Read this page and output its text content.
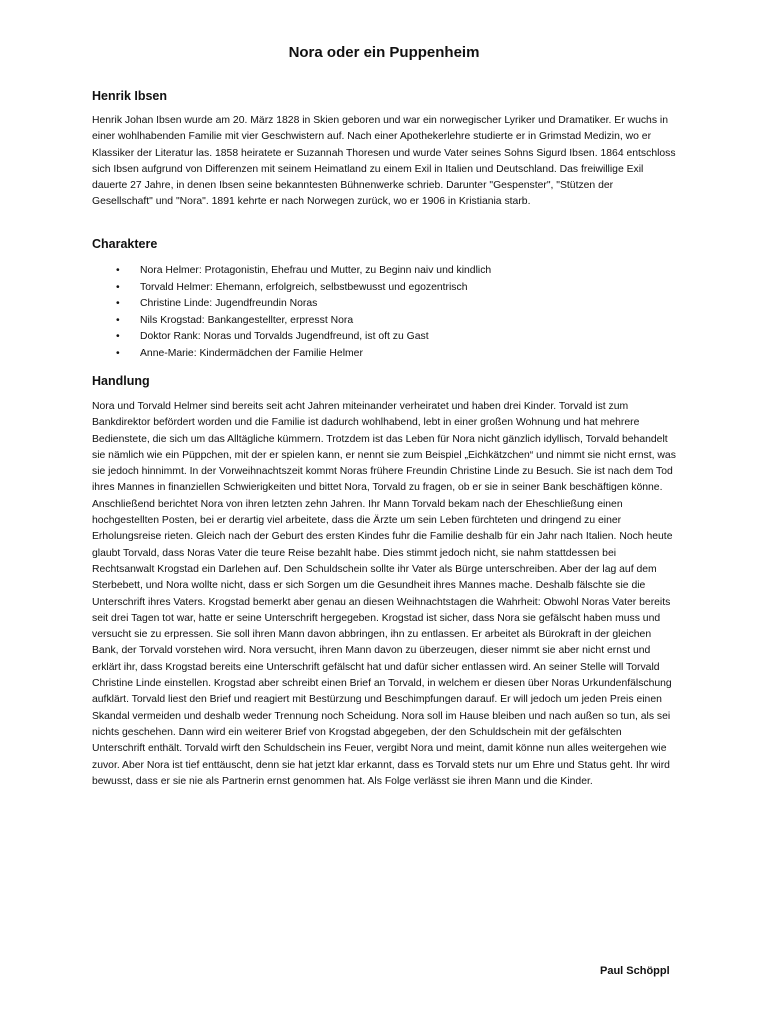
Nora oder ein Puppenheim
Henrik Ibsen

Henrik Johan Ibsen wurde am 20. März 1828 in Skien geboren und war ein norwegischer Lyriker und Dramatiker. Er wuchs in einer wohlhabenden Familie mit vier Geschwistern auf. Nach einer Apothekerlehre studierte er in Grimstad Medizin, wo er Klassiker der Literatur las. 1858 heiratete er Suzannah Thoresen und wurde Vater seines Sohns Sigurd Ibsen. 1864 entschloss sich Ibsen aufgrund von Differenzen mit seinem Heimatland zu einem Exil in Italien und Deutschland. Das freiwillige Exil dauerte 27 Jahre, in denen Ibsen seine bekanntesten Bühnenwerke schrieb. Darunter "Gespenster", "Stützen der Gesellschaft" und "Nora". 1891 kehrte er nach Norwegen zurück, wo er 1906 in Kristiania starb.

Charaktere
• Nora Helmer: Protagonistin, Ehefrau und Mutter, zu Beginn naiv und kindlich
• Torvald Helmer: Ehemann, erfolgreich, selbstbewusst und egozentrisch
• Christine Linde: Jugendfreundin Noras
• Nils Krogstad: Bankangestellter, erpresst Nora
• Doktor Rank: Noras und Torvalds Jugendfreund, ist oft zu Gast
• Anne-Marie: Kindermädchen der Familie Helmer
Handlung

Nora und Torvald Helmer sind bereits seit acht Jahren miteinander verheiratet und haben drei Kinder. Torvald ist zum Bankdirektor befördert worden und die Familie ist dadurch wohlhabend, lebt in einer großen Wohnung und hat mehrere Bedienstete, die sich um das Alltägliche kümmern. Trotzdem ist das Leben für Nora nicht gänzlich idyllisch, Torvald behandelt sie nämlich wie ein Püppchen, mit der er spielen kann, er nennt sie zum Beispiel „Eichkätzchen“ und nimmt sie nicht ernst, was sie jedoch hinnimmt. In der Vorweihnachtszeit kommt Noras frühere Freundin Christine Linde zu Besuch. Sie ist nach dem Tod ihres Mannes in finanziellen Schwierigkeiten und bittet Nora, Torvald zu fragen, ob er sie in seiner Bank beschäftigen könne. Anschließend berichtet Nora von ihren letzten zehn Jahren. Ihr Mann Torvald bekam nach der Eheschließung einen hochgestellten Posten, bei er derartig viel arbeitete, dass die Ärzte um sein Leben fürchteten und dringend zu einer Erholungsreise rieten. Gleich nach der Geburt des ersten Kindes fuhr die Familie deshalb für ein Jahr nach Italien. Noch heute glaubt Torvald, dass Noras Vater die teure Reise bezahlt habe. Dies stimmt jedoch nicht, sie nahm stattdessen bei Rechtsanwalt Krogstad ein Darlehen auf. Den Schuldschein sollte ihr Vater als Bürge unterschreiben. Aber der lag auf dem Sterbebett, und Nora wollte nicht, dass er sich Sorgen um die Gesundheit ihres Mannes mache. Deshalb fälschte sie die Unterschrift ihres Vaters. Krogstad bemerkt aber genau an diesen Weihnachtstagen die Wahrheit: Obwohl Noras Vater bereits seit drei Tagen tot war, hatte er seine Unterschrift hergegeben. Krogstad ist sicher, dass Nora sie gefälscht haben muss und versucht sie zu erpressen. Sie soll ihren Mann davon abbringen, ihn zu entlassen. Er arbeitet als Bürokraft in der gleichen Bank, der Torvald vorstehen wird. Nora versucht, ihren Mann davon zu überzeugen, dieser nimmt sie aber nicht ernst und erklärt ihr, dass Krogstad bereits eine Unterschrift gefälscht hat und dafür sicher entlassen wird. An seiner Stelle will Torvald Christine Linde einstellen. Krogstad aber schreibt einen Brief an Torvald, in welchem er diesen über Noras Urkundenfälschung aufklärt. Torvald liest den Brief und reagiert mit Bestürzung und Beschimpfungen darauf. Er will jedoch um jeden Preis einen Skandal vermeiden und deshalb weder Trennung noch Scheidung. Nora soll im Hause bleiben und nach außen so tun, als sei nichts geschehen. Dann wird ein weiterer Brief von Krogstad abgegeben, der den Schuldschein mit der gefälschten Unterschrift enthält. Torvald wirft den Schuldschein ins Feuer, vergibt Nora und meint, damit könne nun alles weitergehen wie zuvor. Aber Nora ist tief enttäuscht, denn sie hat jetzt klar erkannt, dass es Torvald stets nur um Ehre und Status geht. Ihr wird bewusst, dass er sie nie als Partnerin ernst genommen hat. Als Folge verlässt sie ihren Mann und die Kinder.

Paul Schöppl
